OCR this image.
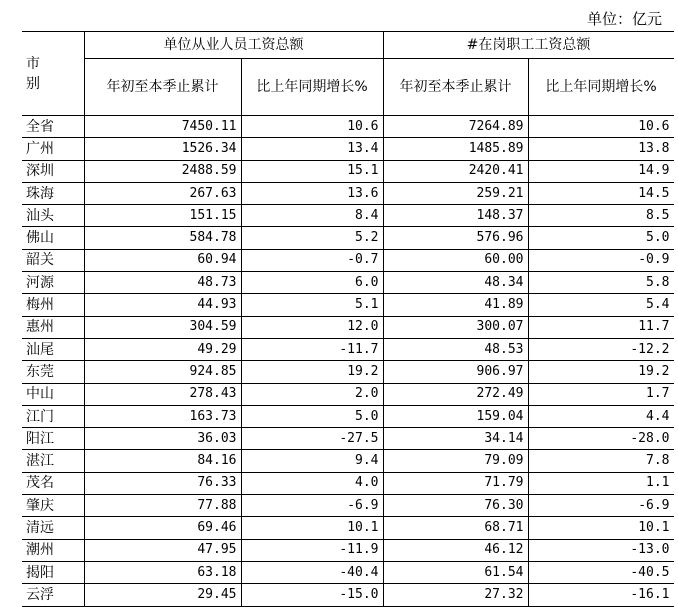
单位：亿元
市 别	单位从业人员工资总额		#在岗职工工资总额	
	年初至本季止累计	比上年同期增长%	年初至本季止累计	比上年同期增长%
全省	7450.11	10.6	7264.89	10.6
广州	1526.34	13.4	1485.89	13.8
深圳	2488.59	15.1	2420.41	14.9
珠海	267.63	13.6	259.21	14.5
汕头	151.15	8.4	148.37	8.5
佛山	584.78	5.2	576.96	5.0
韶关	60.94	-0.7	60.00	-0.9
河源	48.73	6.0	48.34	5.8
梅州	44.93	5.1	41.89	5.4
惠州	304.59	12.0	300.07	11.7
汕尾	49.29	-11.7	48.53	-12.2
东莞	924.85	19.2	906.97	19.2
中山	278.43	2.0	272.49	1.7
江门	163.73	5.0	159.04	4.4
阳江	36.03	-27.5	34.14	-28.0
湛江	84.16	9.4	79.09	7.8
茂名	76.33	4.0	71.79	1.1
肇庆	77.88	-6.9	76.30	-6.9
清远	69.46	10.1	68.71	10.1
潮州	47.95	-11.9	46.12	-13.0
揭阳	63.18	-40.4	61.54	-40.5
云浮	29.45	-15.0	27.32	-16.1
